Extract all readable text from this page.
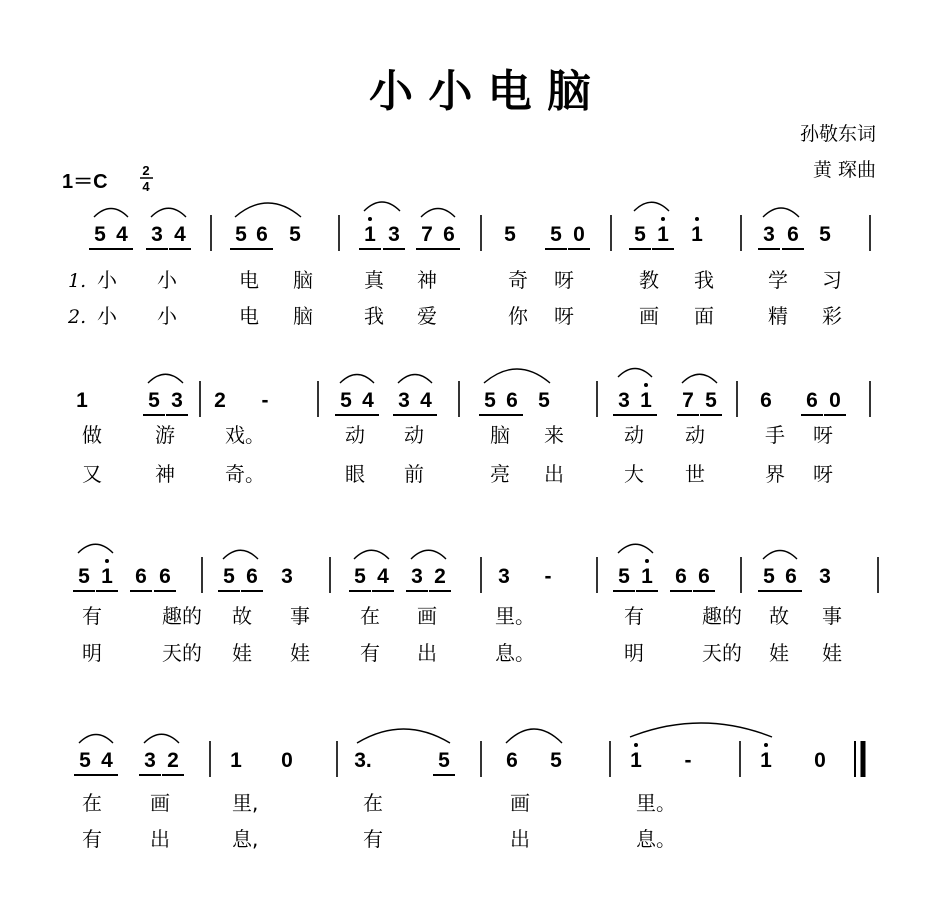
小 小 电 脑
孙敬东词
黄 琛曲
1＝C
2
4
5 4 3 4 5 6 5	1 3 7 6 5 5 0 5 1 1	3 6 5
1. 小 小	电 脑	真 神	奇 呀	教 我	学 习
2. 小 小	电 脑	我 爱	你 呀	画 面	精 彩
1	5 3 2 -	5 4 3 4 5 6 5	3 1 7 5 6 6 0
做	游	戏。	动 动	脑 来	动 动	手 呀
又	神	奇。	眼 前	亮 出	大 世	界 呀
5 1 6 6 5 6 3	5 4 3 2 3 -	5 1 6 6	5 6 3
有	趣的 故 事	在 画	里。	有	趣的 故 事
明	天的 娃 娃	有 出	息。	明	天的 娃 娃
5 4 3 2 1 0	3.	5	6 5	1 -	1 0
在 画	里,	在	画	里。
有 出	息,	有	出	息。
